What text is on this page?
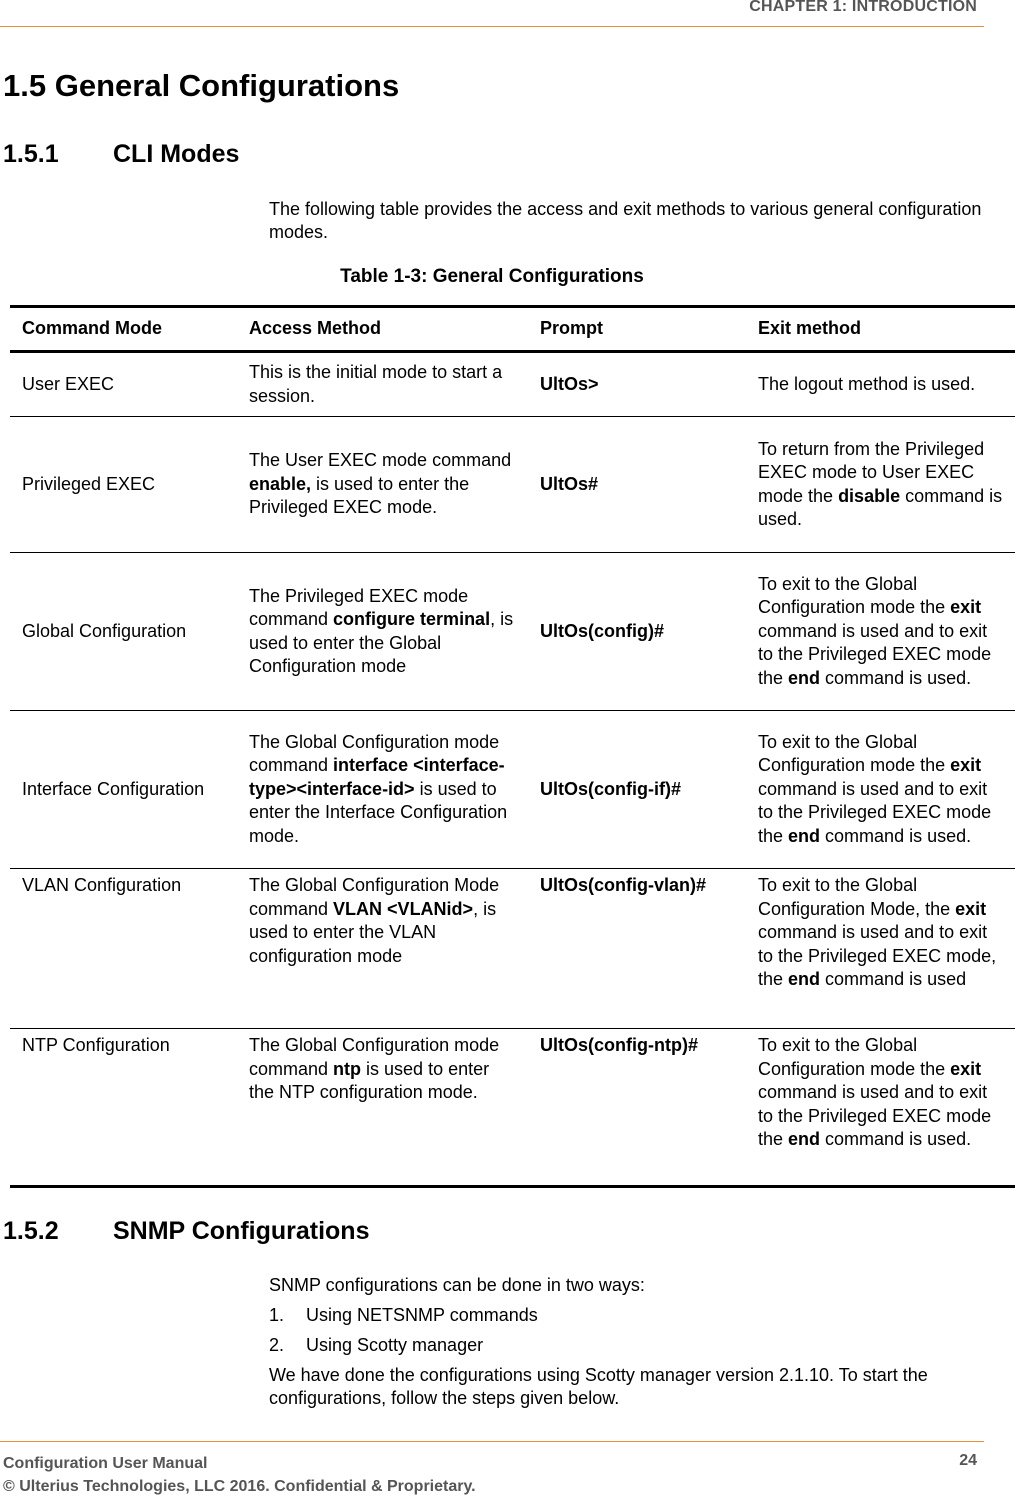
CHAPTER 1: INTRODUCTION
1.5 General Configurations
1.5.1 CLI Modes
The following table provides the access and exit methods to various general configuration modes.
Table 1-3: General Configurations
Command Mode	Access Method	Prompt	Exit method
User EXEC	This is the initial mode to start a session.	UltOs>	The logout method is used.
Privileged EXEC	The User EXEC mode command enable, is used to enter the Privileged EXEC mode.	UltOs#	To return from the Privileged EXEC mode to User EXEC mode the disable command is used.
Global Configuration	The Privileged EXEC mode command configure terminal, is used to enter the Global Configuration mode	UltOs(config)#	To exit to the Global Configuration mode the exit command is used and to exit to the Privileged EXEC mode the end command is used.
Interface Configuration	The Global Configuration mode command interface <interface-type><interface-id> is used to enter the Interface Configuration mode.	UltOs(config-if)#	To exit to the Global Configuration mode the exit command is used and to exit to the Privileged EXEC mode the end command is used.
VLAN Configuration	The Global Configuration Mode command VLAN <VLANid>, is used to enter the VLAN configuration mode	UltOs(config-vlan)#	To exit to the Global Configuration Mode, the exit command is used and to exit to the Privileged EXEC mode, the end command is used
NTP Configuration	The Global Configuration mode command ntp is used to enter the NTP configuration mode.	UltOs(config-ntp)#	To exit to the Global Configuration mode the exit command is used and to exit to the Privileged EXEC mode the end command is used.
1.5.2 SNMP Configurations
SNMP configurations can be done in two ways:
1. Using NETSNMP commands
2. Using Scotty manager
We have done the configurations using Scotty manager version 2.1.10. To start the configurations, follow the steps given below.
Configuration User Manual
© Ulterius Technologies, LLC 2016. Confidential & Proprietary.
24
